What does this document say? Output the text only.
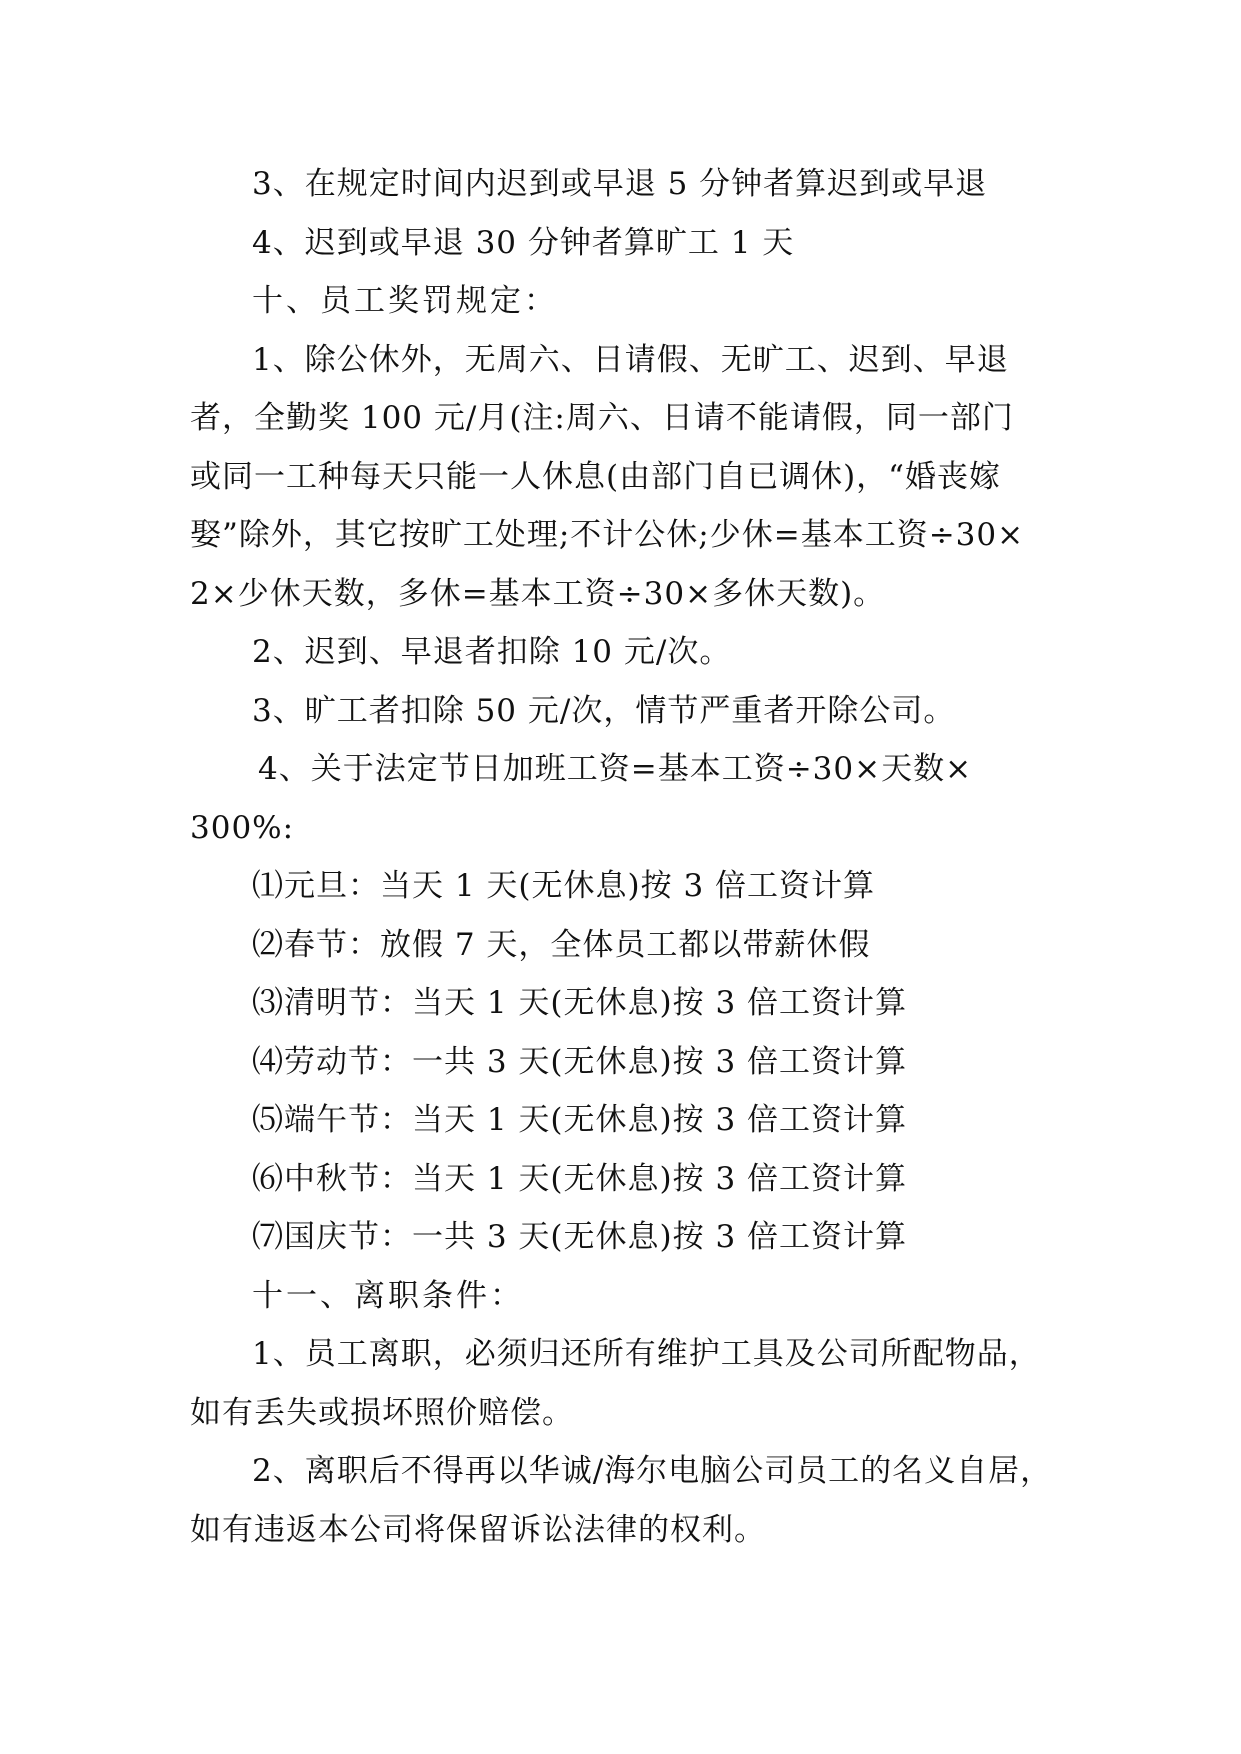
3、在规定时间内迟到或早退 5 分钟者算迟到或早退
4、迟到或早退 30 分钟者算旷工 1 天
十、员工奖罚规定：
1、除公休外，无周六、日请假、无旷工、迟到、早退
者，全勤奖 100 元/月(注:周六、日请不能请假，同一部门
或同一工种每天只能一人休息(由部门自已调休)，“婚丧嫁
娶”除外，其它按旷工处理;不计公休;少休=基本工资÷30×
2×少休天数，多休=基本工资÷30×多休天数)。
2、迟到、早退者扣除 10 元/次。
3、旷工者扣除 50 元/次，情节严重者开除公司。
4、关于法定节日加班工资=基本工资÷30×天数×
300%:
⑴元旦：当天 1 天(无休息)按 3 倍工资计算
⑵春节：放假 7 天，全体员工都以带薪休假
⑶清明节：当天 1 天(无休息)按 3 倍工资计算
⑷劳动节：一共 3 天(无休息)按 3 倍工资计算
⑸端午节：当天 1 天(无休息)按 3 倍工资计算
⑹中秋节：当天 1 天(无休息)按 3 倍工资计算
⑺国庆节：一共 3 天(无休息)按 3 倍工资计算
十一、离职条件：
1、员工离职，必须归还所有维护工具及公司所配物品，
如有丢失或损坏照价赔偿。
2、离职后不得再以华诚/海尔电脑公司员工的名义自居，
如有违返本公司将保留诉讼法律的权利。
